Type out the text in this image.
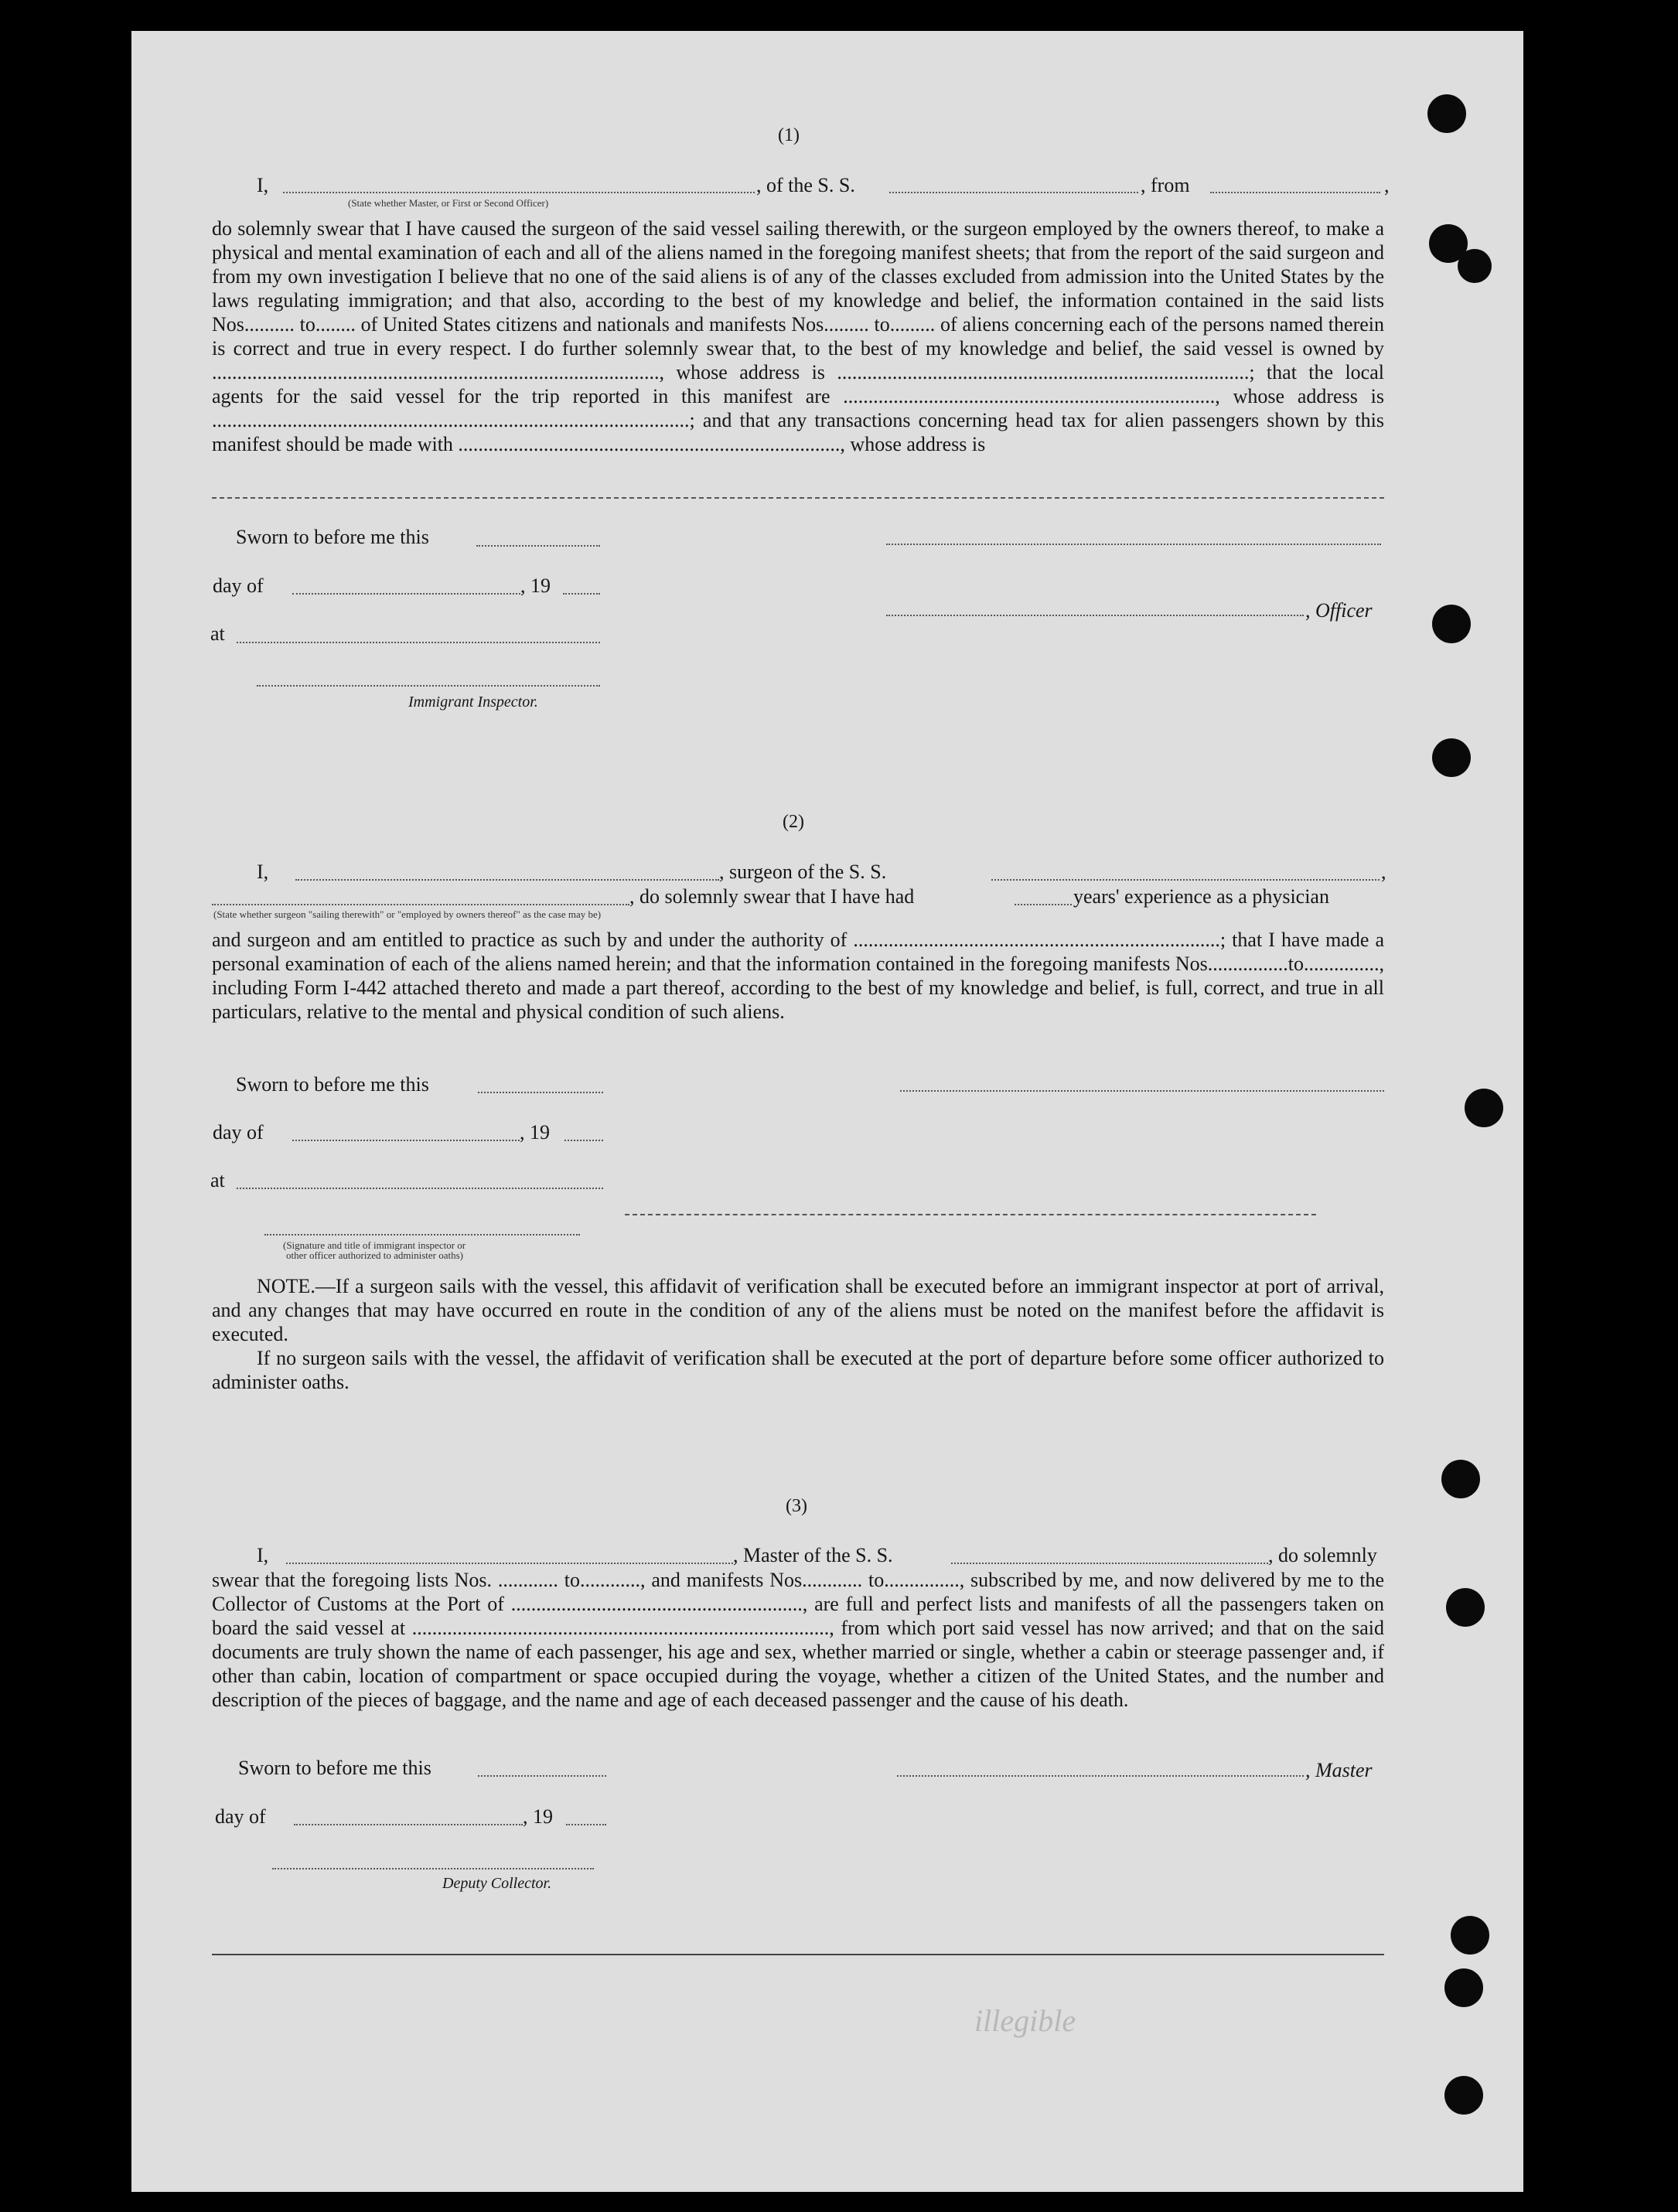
illegible
(1)
I,	, of the S. S.	, from	,
(State whether Master, or First or Second Officer)
do solemnly swear that I have caused the surgeon of the said vessel sailing therewith, or the surgeon employed by the owners thereof, to make a physical and mental examination of each and all of the aliens named in the foregoing manifest sheets; that from the report of the said surgeon and from my own investigation I believe that no one of the said aliens is of any of the classes excluded from admission into the United States by the laws regulating immigration; and that also, according to the best of my knowledge and belief, the information contained in the said lists Nos.......... to........ of United States citizens and nationals and manifests Nos......... to......... of aliens concerning each of the persons named therein is correct and true in every respect. I do further solemnly swear that, to the best of my knowledge and belief, the said vessel is owned by ........................................................................................., whose address is ..................................................................................; that the local agents for the said vessel for the trip reported in this manifest are .........................................................................., whose address is ...............................................................................................; and that any transactions concerning head tax for alien passengers shown by this manifest should be made with ............................................................................, whose address is
Sworn to before me this
day of	, 19
, Officer
at
Immigrant Inspector.
(2)
I,	, surgeon of the S. S.	,
, do solemnly swear that I have had	years' experience as a physician
(State whether surgeon "sailing therewith" or "employed by owners thereof" as the case may be)
and surgeon and am entitled to practice as such by and under the authority of .........................................................................; that I have made a personal examination of each of the aliens named herein; and that the information contained in the foregoing manifests Nos................to..............., including Form I-442 attached thereto and made a part thereof, according to the best of my knowledge and belief, is full, correct, and true in all particulars, relative to the mental and physical condition of such aliens.
Sworn to before me this
day of	, 19
at
(Signature and title of immigrant inspector or
other officer authorized to administer oaths)
NOTE.—If a surgeon sails with the vessel, this affidavit of verification shall be executed before an immigrant inspector at port of arrival, and any changes that may have occurred en route in the condition of any of the aliens must be noted on the manifest before the affidavit is executed.
If no surgeon sails with the vessel, the affidavit of verification shall be executed at the port of departure before some officer authorized to administer oaths.
(3)
I,	, Master of the S. S.	, do solemnly
swear that the foregoing lists Nos. ............ to............, and manifests Nos............ to..............., subscribed by me, and now delivered by me to the Collector of Customs at the Port of .........................................................., are full and perfect lists and manifests of all the passengers taken on board the said vessel at ..................................................................................., from which port said vessel has now arrived; and that on the said documents are truly shown the name of each passenger, his age and sex, whether married or single, whether a cabin or steerage passenger and, if other than cabin, location of compartment or space occupied during the voyage, whether a citizen of the United States, and the number and description of the pieces of baggage, and the name and age of each deceased passenger and the cause of his death.
Sworn to before me this	, Master
day of	, 19
Deputy Collector.
